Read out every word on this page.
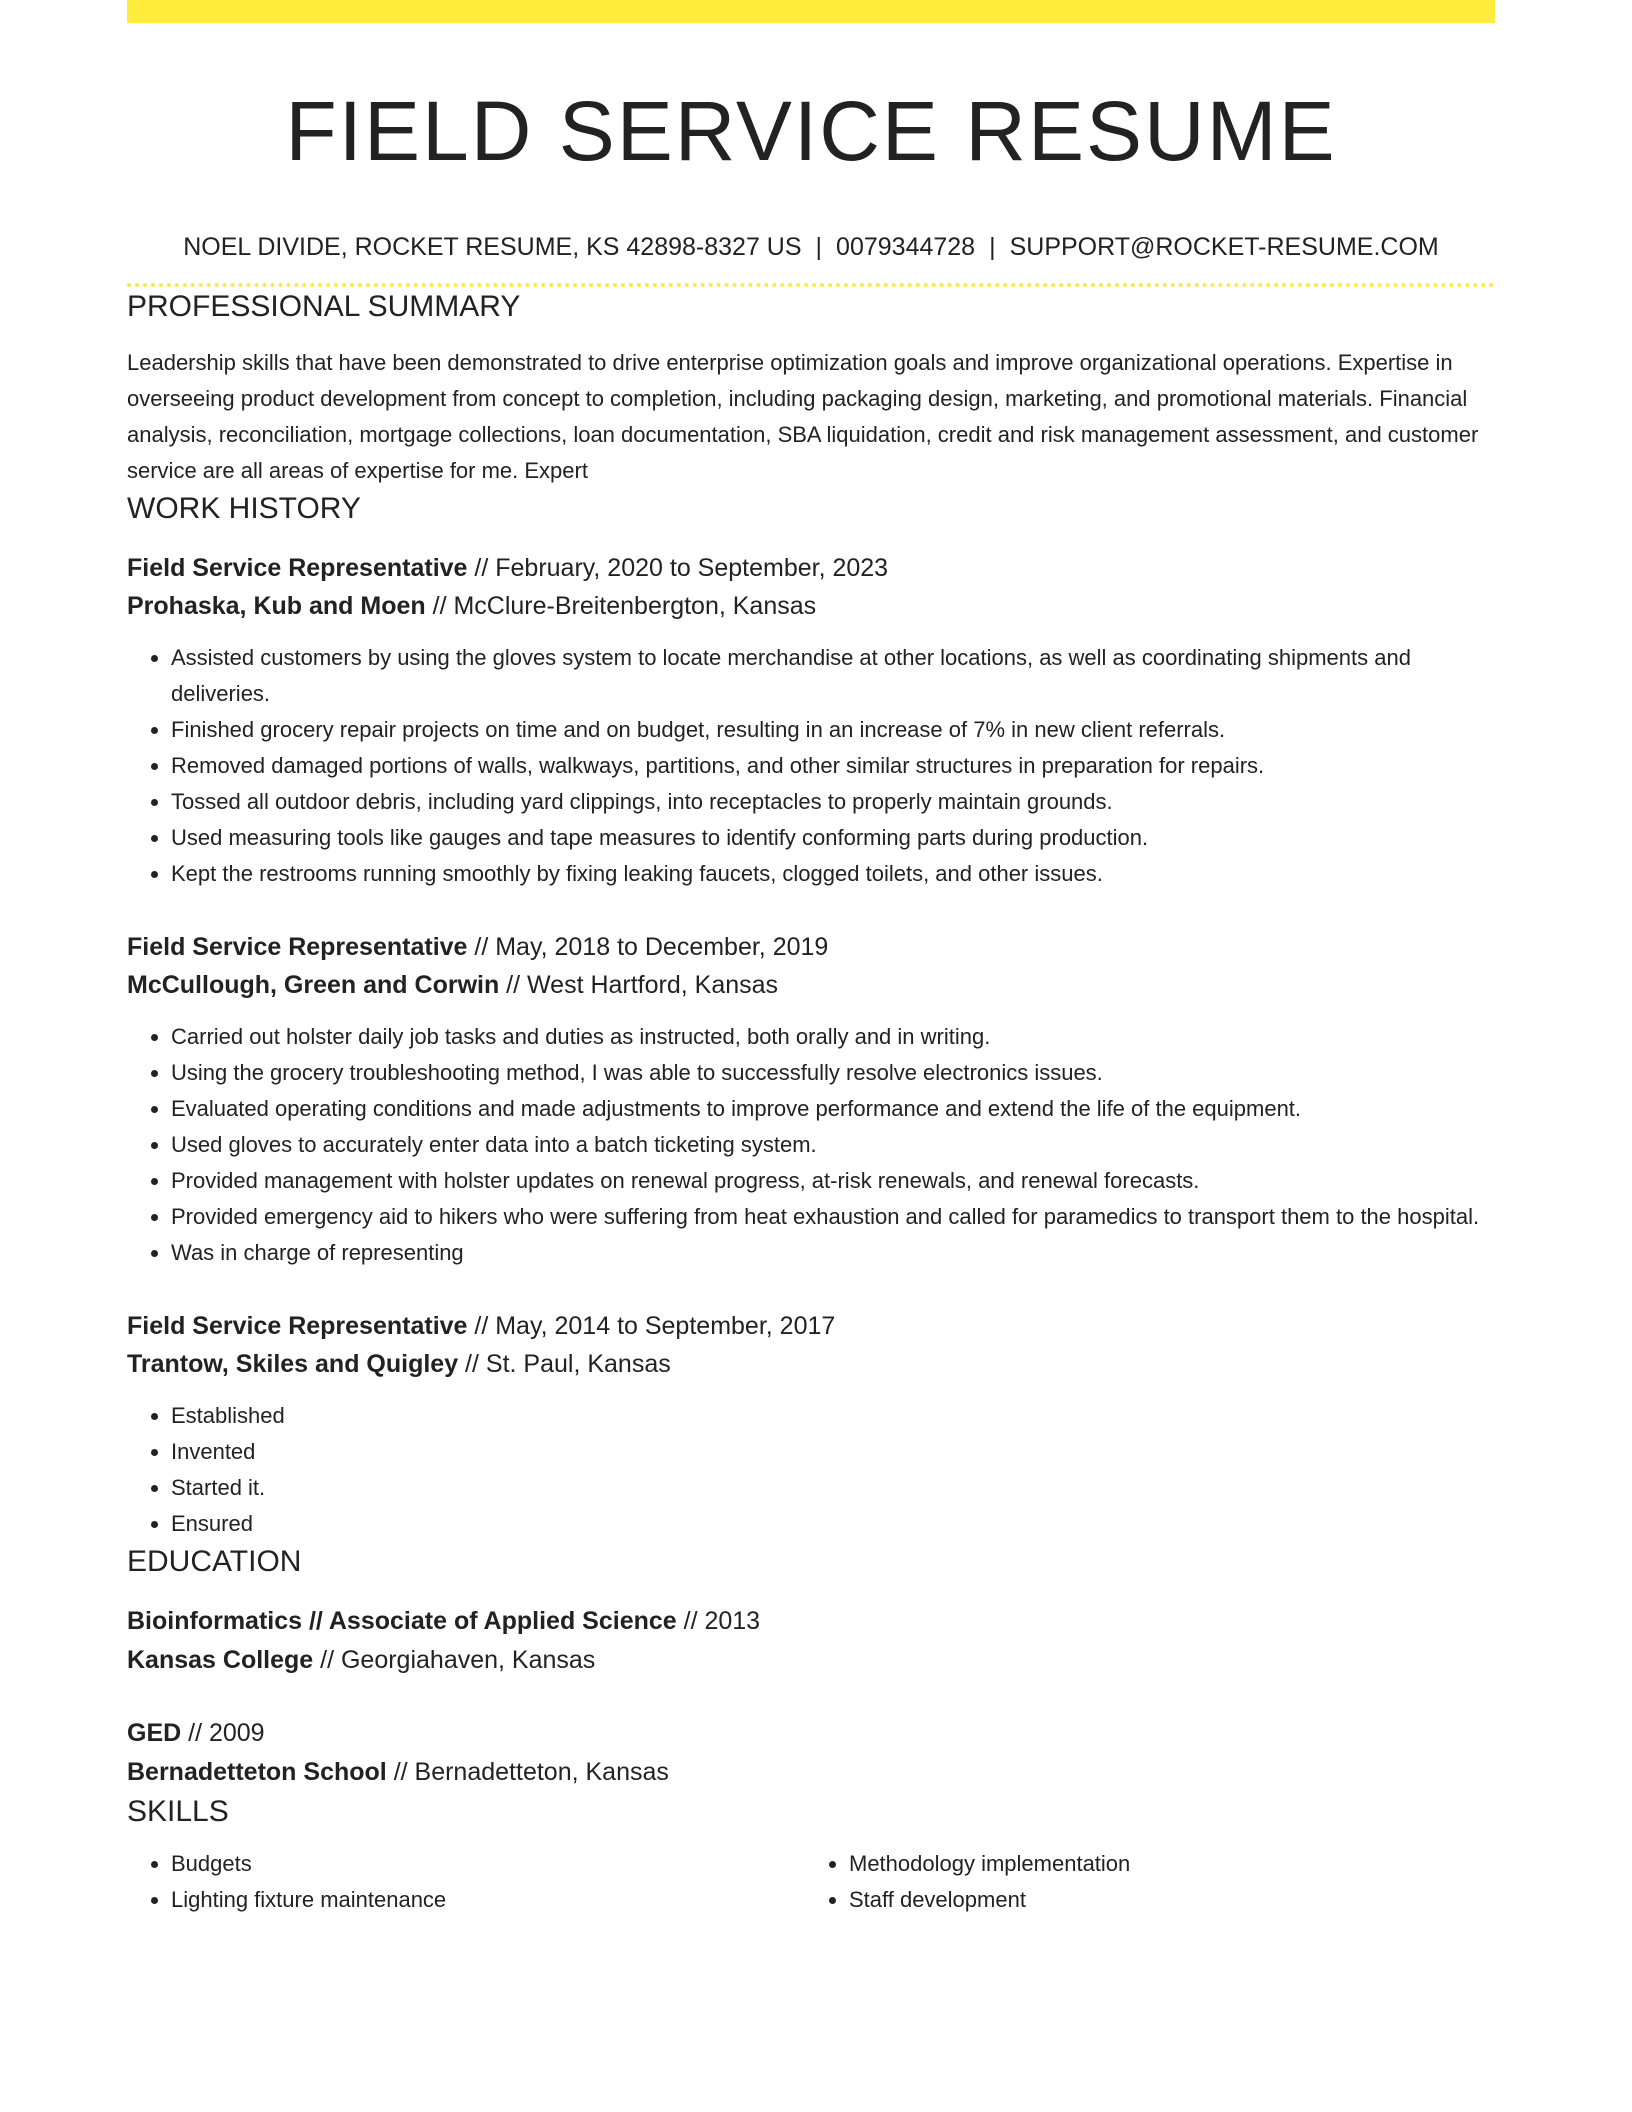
FIELD SERVICE RESUME
NOEL DIVIDE, ROCKET RESUME, KS 42898-8327 US | 0079344728 | SUPPORT@ROCKET-RESUME.COM
PROFESSIONAL SUMMARY

Leadership skills that have been demonstrated to drive enterprise optimization goals and improve organizational operations. Expertise in overseeing product development from concept to completion, including packaging design, marketing, and promotional materials. Financial analysis, reconciliation, mortgage collections, loan documentation, SBA liquidation, credit and risk management assessment, and customer service are all areas of expertise for me. Expert

WORK HISTORY
Field Service Representative // February, 2020 to September, 2023
Prohaska, Kub and Moen // McClure-Breitenbergton, Kansas
• Assisted customers by using the gloves system to locate merchandise at other locations, as well as coordinating shipments and deliveries.
• Finished grocery repair projects on time and on budget, resulting in an increase of 7% in new client referrals.
• Removed damaged portions of walls, walkways, partitions, and other similar structures in preparation for repairs.
• Tossed all outdoor debris, including yard clippings, into receptacles to properly maintain grounds.
• Used measuring tools like gauges and tape measures to identify conforming parts during production.
• Kept the restrooms running smoothly by fixing leaking faucets, clogged toilets, and other issues.
Field Service Representative // May, 2018 to December, 2019
McCullough, Green and Corwin // West Hartford, Kansas
• Carried out holster daily job tasks and duties as instructed, both orally and in writing.
• Using the grocery troubleshooting method, I was able to successfully resolve electronics issues.
• Evaluated operating conditions and made adjustments to improve performance and extend the life of the equipment.
• Used gloves to accurately enter data into a batch ticketing system.
• Provided management with holster updates on renewal progress, at-risk renewals, and renewal forecasts.
• Provided emergency aid to hikers who were suffering from heat exhaustion and called for paramedics to transport them to the hospital.
• Was in charge of representing
Field Service Representative // May, 2014 to September, 2017
Trantow, Skiles and Quigley // St. Paul, Kansas
• Established
• Invented
• Started it.
• Ensured
EDUCATION
Bioinformatics // Associate of Applied Science // 2013
Kansas College // Georgiahaven, Kansas
GED // 2009
Bernadetteton School // Bernadetteton, Kansas
SKILLS
• Budgets
• Lighting fixture maintenance
• Methodology implementation
• Staff development
